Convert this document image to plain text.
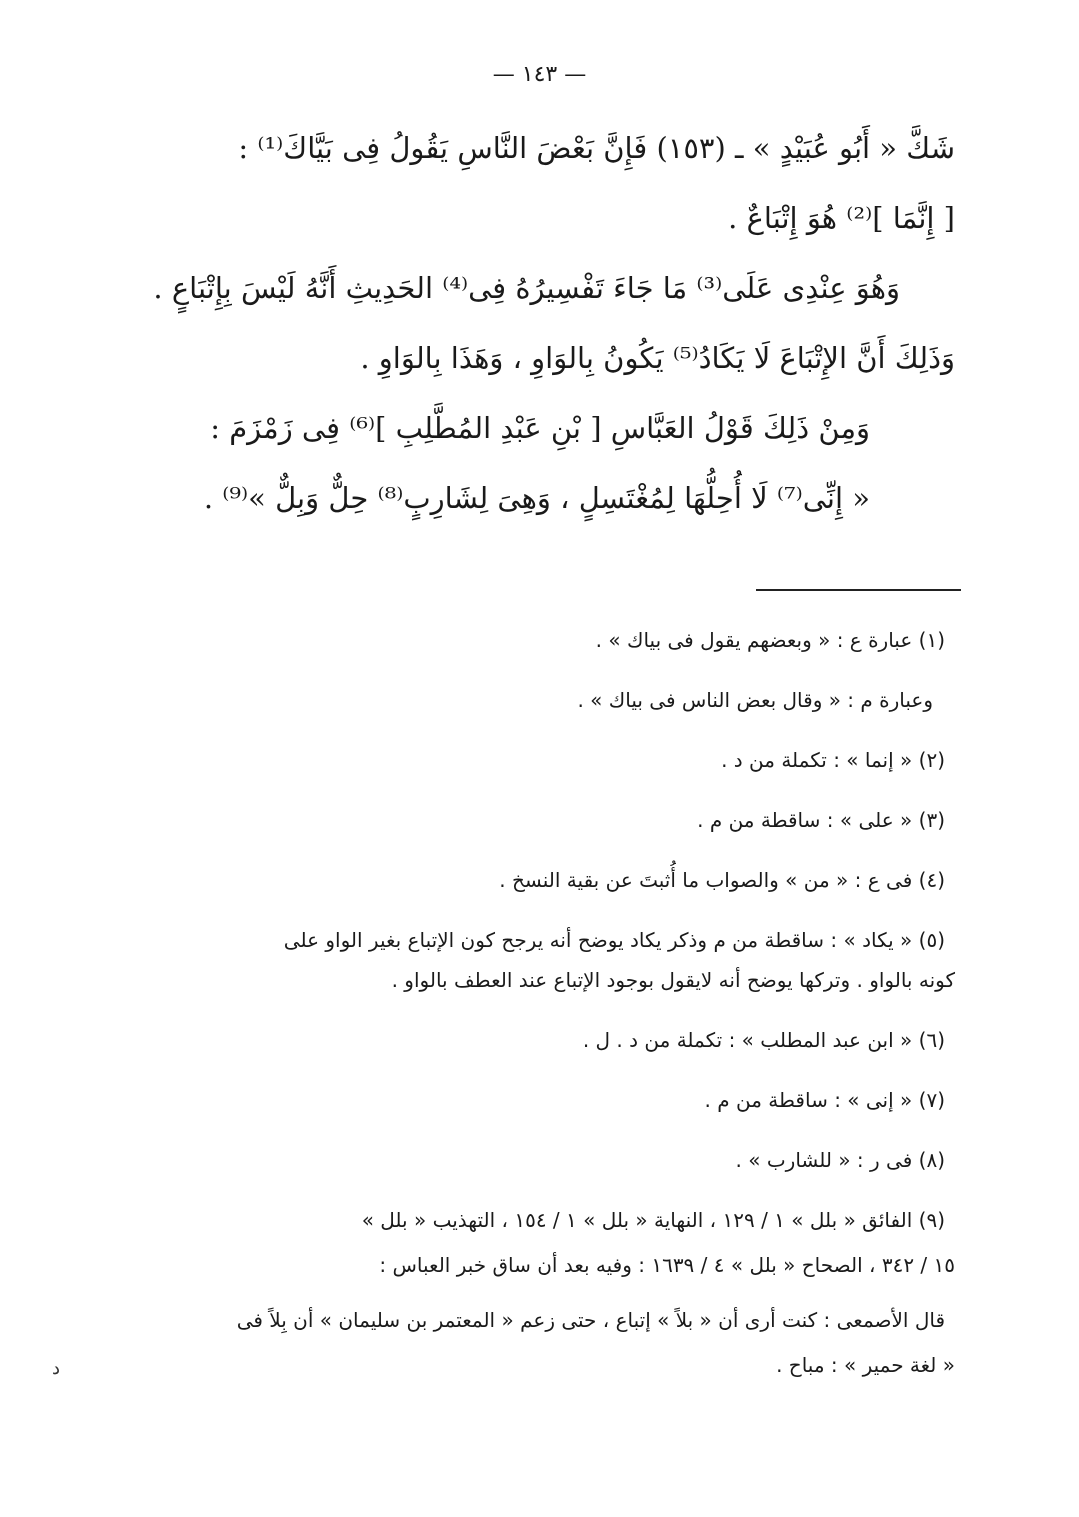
— ١٤٣ —
شَكَّ « أَبُو عُبَيْدٍ » ـ (١٥٣) فَإِنَّ بَعْضَ النَّاسِ يَقُولُ فِى بَيَّاكَ⁽¹⁾ :
[ إِنَّمَا ]⁽²⁾ هُوَ إِتْبَاعٌ .
وَهُوَ عِنْدِى عَلَى⁽³⁾ مَا جَاءَ تَفْسِيرُهُ فِى⁽⁴⁾ الحَدِيثِ أَنَّهُ لَيْسَ بِإِتْبَاعٍ .
وَذَلِكَ أَنَّ الإِتْبَاعَ لَا يَكَادُ⁽⁵⁾ يَكُونُ بِالوَاوِ ، وَهَذَا بِالوَاوِ .
وَمِنْ ذَلِكَ قَوْلُ العَبَّاسِ [ بْنِ عَبْدِ المُطَّلِبِ ]⁽⁶⁾ فِى زَمْزَمَ :
« إِنِّى⁽⁷⁾ لَا أُحِلُّهَا لِمُغْتَسِلٍ ، وَهِىَ لِشَارِبٍ⁽⁸⁾ حِلٌّ وَبِلٌّ »⁽⁹⁾ .
(١) عبارة ع : « وبعضهم يقول فى بياك » .
وعبارة م : « وقال بعض الناس فى بياك » .
(٢) « إنما » : تكملة من د .
(٣) « على » : ساقطة من م .
(٤) فى ع : « من » والصواب ما أُثبتَ عن بقية النسخ .
(٥) « يكاد » : ساقطة من م وذكر يكاد يوضح أنه يرجح كون الإتباع بغير الواو على
كونه بالواو . وتركها يوضح أنه لايقول بوجود الإتباع عند العطف بالواو .
(٦) « ابن عبد المطلب » : تكملة من د . ل .
(٧) « إنى » : ساقطة من م .
(٨) فى ر : « للشارب » .
(٩) الفائق « بلل » ١ / ١٢٩ ، النهاية « بلل » ١ / ١٥٤ ، التهذيب « بلل »
١٥ / ٣٤٢ ، الصحاح « بلل » ٤ / ١٦٣٩ : وفيه بعد أن ساق خبر العباس :
قال الأصمعى : كنت أرى أن « بلاً » إتباع ، حتى زعم « المعتمر بن سليمان » أن بِلاً فى
« لغة حمير » : مباح .
د
